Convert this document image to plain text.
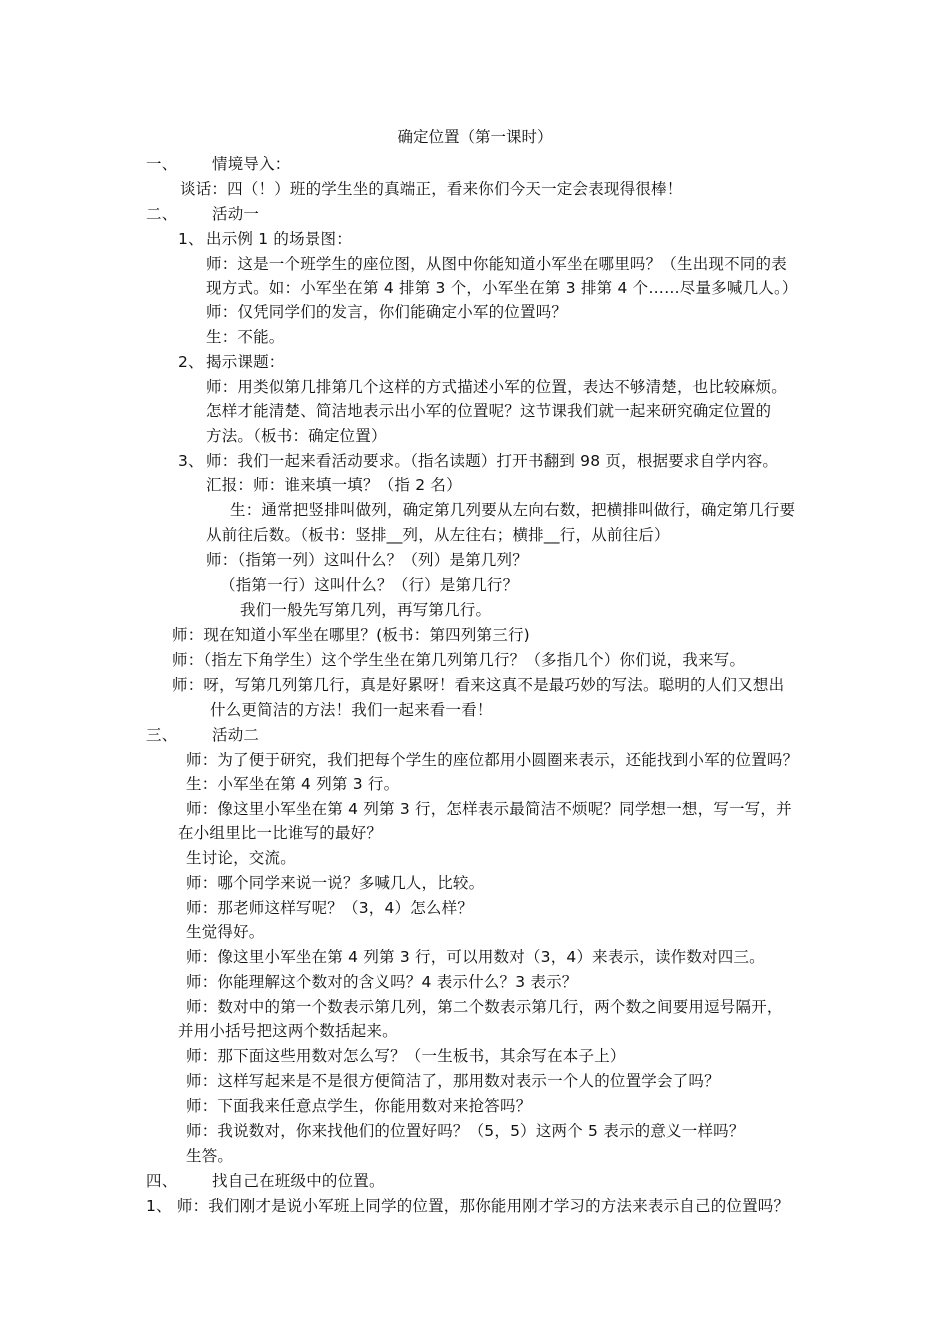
确定位置（第一课时）
一、 情境导入：
谈话：四（！）班的学生坐的真端正，看来你们今天一定会表现得很棒！
二、 活动一
1、 出示例 1 的场景图：
师：这是一个班学生的座位图，从图中你能知道小军坐在哪里吗？（生出现不同的表
现方式。如：小军坐在第 4 排第 3 个，小军坐在第 3 排第 4 个……尽量多喊几人。）
师：仅凭同学们的发言，你们能确定小军的位置吗？
生：不能。
2、 揭示课题：
师：用类似第几排第几个这样的方式描述小军的位置，表达不够清楚，也比较麻烦。
怎样才能清楚、简洁地表示出小军的位置呢？这节课我们就一起来研究确定位置的
方法。（板书：确定位置）
3、 师：我们一起来看活动要求。（指名读题）打开书翻到 98 页，根据要求自学内容。
汇报：师：谁来填一填？（指 2 名）
生：通常把竖排叫做列，确定第几列要从左向右数，把横排叫做行，确定第几行要
从前往后数。（板书：竖排__列，从左往右；横排__行，从前往后）
师：（指第一列）这叫什么？（列）是第几列？
（指第一行）这叫什么？（行）是第几行？
我们一般先写第几列，再写第几行。
师：现在知道小军坐在哪里？(板书：第四列第三行)
师：（指左下角学生）这个学生坐在第几列第几行？（多指几个）你们说，我来写。
师：呀，写第几列第几行，真是好累呀！看来这真不是最巧妙的写法。聪明的人们又想出
什么更简洁的方法！我们一起来看一看！
三、 活动二
师：为了便于研究，我们把每个学生的座位都用小圆圈来表示，还能找到小军的位置吗？
生：小军坐在第 4 列第 3 行。
师：像这里小军坐在第 4 列第 3 行，怎样表示最简洁不烦呢？同学想一想，写一写，并
在小组里比一比谁写的最好？
生讨论，交流。
师：哪个同学来说一说？多喊几人，比较。
师：那老师这样写呢？（3，4）怎么样？
生觉得好。
师：像这里小军坐在第 4 列第 3 行，可以用数对（3，4）来表示，读作数对四三。
师：你能理解这个数对的含义吗？4 表示什么？3 表示？
师：数对中的第一个数表示第几列，第二个数表示第几行，两个数之间要用逗号隔开，
并用小括号把这两个数括起来。
师：那下面这些用数对怎么写？（一生板书，其余写在本子上）
师：这样写起来是不是很方便简洁了，那用数对表示一个人的位置学会了吗？
师：下面我来任意点学生，你能用数对来抢答吗？
师：我说数对，你来找他们的位置好吗？（5，5）这两个 5 表示的意义一样吗？
生答。
四、 找自己在班级中的位置。
1、 师：我们刚才是说小军班上同学的位置，那你能用刚才学习的方法来表示自己的位置吗？
